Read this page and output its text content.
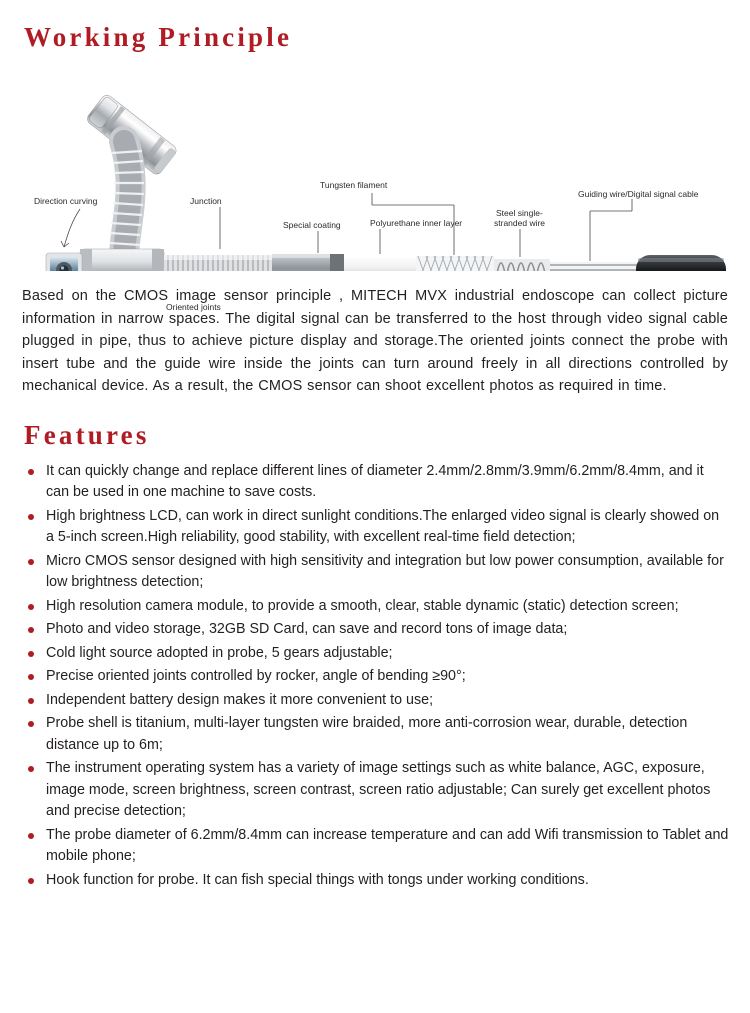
Working Principle
Direction curving	Junction
Oriented joints
Special coating
Tungsten filament
Polyurethane inner layer
Steel single-
stranded wire
Guiding wire/Digital signal cable

Based on the CMOS image sensor principle , MITECH MVX industrial endoscope can collect picture information in narrow spaces. The digital signal can be transferred to the host through video signal cable plugged in pipe, thus to achieve picture display and storage.The oriented joints connect the probe with insert tube and the guide wire inside the joints can turn around freely in all directions controlled by mechanical device. As a result, the CMOS sensor can shoot excellent photos as required in time.

Features
It can quickly change and replace different lines of diameter 2.4mm/2.8mm/3.9mm/6.2mm/8.4mm, and it can be used in one machine to save costs.
High brightness LCD, can work in direct sunlight conditions.The enlarged video signal is clearly showed on a 5-inch screen.High reliability, good stability, with excellent real-time field detection;
Micro CMOS sensor designed with high sensitivity and integration but low power consumption, available for low brightness detection;
High resolution camera module, to provide a smooth, clear, stable dynamic (static) detection screen;
Photo and video storage, 32GB SD Card, can save and record tons of image data;
Cold light source adopted in probe, 5 gears adjustable;
Precise oriented joints controlled by rocker, angle of bending ≥90°;
Independent battery design makes it more convenient to use;
Probe shell is titanium, multi-layer tungsten wire braided, more anti-corrosion wear, durable, detection distance up to 6m;
The instrument operating system has a variety of image settings such as white balance, AGC, exposure, image mode, screen brightness, screen contrast, screen ratio adjustable; Can surely get excellent photos and precise detection;
The probe diameter of 6.2mm/8.4mm can increase temperature and can add Wifi transmission to Tablet and mobile phone;
Hook function for probe. It can fish special things with tongs under working conditions.
